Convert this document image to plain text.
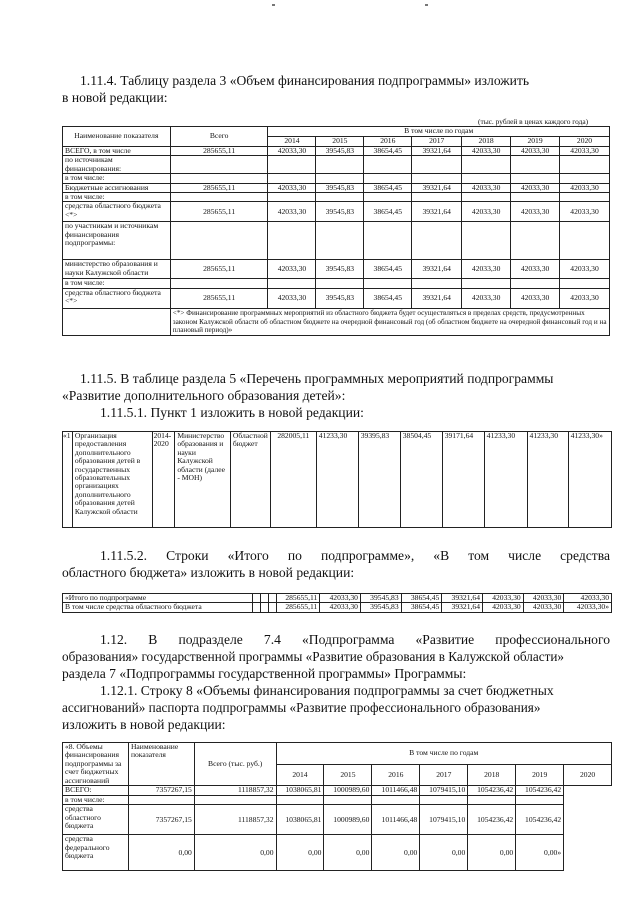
1.11.4. Таблицу раздела 3 «Объем финансирования подпрограммы» изложить
в новой редакции:
(тыс. рублей в ценах каждого года)
Наименование показателя	Всего	В том числе по годам						
		2014	2015	2016	2017	2018	2019	2020
ВСЕГО, в том числе	285655,11	42033,30	39545,83	38654,45	39321,64	42033,30	42033,30	42033,30
по источникам финансирования:								
в том числе:								
Бюджетные ассигнования	285655,11	42033,30	39545,83	38654,45	39321,64	42033,30	42033,30	42033,30
в том числе:								
средства областного бюджета <*>	285655,11	42033,30	39545,83	38654,45	39321,64	42033,30	42033,30	42033,30
по участникам и источникам финансирования подпрограммы:								
министерство образования и науки Калужской области	285655,11	42033,30	39545,83	38654,45	39321,64	42033,30	42033,30	42033,30
в том числе:								
средства областного бюджета <*>	285655,11	42033,30	39545,83	38654,45	39321,64	42033,30	42033,30	42033,30
	<*> Финансирование программных мероприятий из областного бюджета будет осуществляться в пределах средств, предусмотренных законом Калужской области об областном бюджете на очередной финансовый год (об областном бюджете на очередной финансовый год и на плановый период)»							
1.11.5. В таблице раздела 5 «Перечень программных мероприятий подпрограммы
«Развитие дополнительного образования детей»:
1.11.5.1. Пункт 1 изложить в новой редакции:
«1	Организация предоставления дополнительного образования детей в государственных образовательных организациях дополнительного образования детей Калужской области	2014-2020	Министерство образования и науки Калужской области (далее - МОН)	Областной бюджет	282005,11	41233,30	39395,83	38504,45	39171,64	41233,30	41233,30	41233,30»
1.11.5.2. Строки «Итого по подпрограмме», «В том числе средства
областного бюджета» изложить в новой редакции:
«Итого по подпрограмме				285655,11	42033,30	39545,83	38654,45	39321,64	42033,30	42033,30	42033,30
В том числе средства областного бюджета				285655,11	42033,30	39545,83	38654,45	39321,64	42033,30	42033,30	42033,30»
1.12. В подразделе 7.4 «Подпрограмма «Развитие профессионального
образования» государственной программы «Развитие образования в Калужской области»
раздела 7 «Подпрограммы государственной программы» Программы:
1.12.1. Строку 8 «Объемы финансирования подпрограммы за счет бюджетных
ассигнований» паспорта подпрограммы «Развитие профессионального образования»
изложить в новой редакции:
«8. Объемы финансирования подпрограммы за счет бюджетных ассигнований	Наименование показателя	Всего (тыс. руб.)	В том числе по годам						
			2014	2015	2016	2017	2018	2019	2020
ВСЕГО:	7357267,15	1118857,32	1038065,81	1000989,60	1011466,48	1079415,10	1054236,42	1054236,42	
в том числе:									
средства областного бюджета	7357267,15	1118857,32	1038065,81	1000989,60	1011466,48	1079415,10	1054236,42	1054236,42	
средства федерального бюджета	0,00	0,00	0,00	0,00	0,00	0,00	0,00	0,00»	
